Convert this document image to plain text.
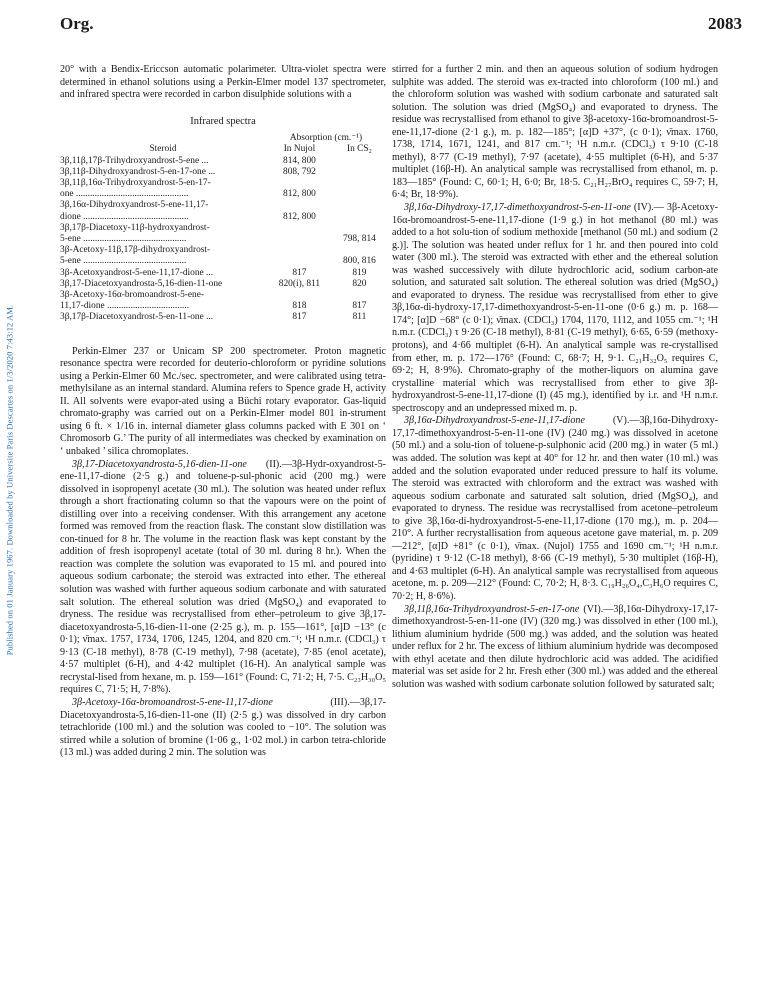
Published on 01 January 1967. Downloaded by Universite Paris Descartes on 1/3/2020 7:43:12 AM.
Org.	2083

20° with a Bendix-Ericcson automatic polarimeter. Ultra-violet spectra were determined in ethanol solutions using a Perkin-Elmer model 137 spectrometer, and infrared spectra were recorded in carbon disulphide solutions with a

Infrared spectra
	Absorption (cm.⁻¹)	
Steroid	In Nujol	In CS₂
3β,11β,17β-Trihydroxyandrost-5-ene ...	814, 800	
3β,11β-Dihydroxyandrost-5-en-17-one ...	808, 792	
3β,11β,16α-Trihydroxyandrost-5-en-17-		
one ................................................	812, 800	
3β,16α-Dihydroxyandrost-5-ene-11,17-		
dione .............................................	812, 800	
3β,17β-Diacetoxy-11β-hydroxyandrost-		
5-ene ............................................		798, 814
3β-Acetoxy-11β,17β-dihydroxyandrost-		
5-ene ............................................		800, 816
3β-Acetoxyandrost-5-ene-11,17-dione ...	817	819
3β,17-Diacetoxyandrosta-5,16-dien-11-one	820(i), 811	820
3β-Acetoxy-16α-bromoandrost-5-ene-		
11,17-dione ...................................	818	817
3β,17β-Diacetoxyandrost-5-en-11-one ...	817	811

Perkin-Elmer 237 or Unicam SP 200 spectrometer. Proton magnetic resonance spectra were recorded for deuterio-chloroform or pyridine solutions using a Perkin-Elmer 60 Mc./sec. spectrometer, and were calibrated using tetra-methylsilane as an internal standard. Alumina refers to Spence grade H, activity II. All solvents were evapor-ated using a Büchi rotary evaporator. Gas-liquid chromato-graphy was carried out on a Perkin-Elmer model 801 in-strument using 6 ft. × 1/16 in. internal diameter glass columns packed with E 301 on ‘ Chromosorb G.’ The purity of all intermediates was checked by examination on ‘ unbaked ’ silica chromoplates.

3β,17-Diacetoxyandrosta-5,16-dien-11-one (II).—3β-Hydr-oxyandrost-5-ene-11,17-dione (2·5 g.) and toluene-p-sul-phonic acid (200 mg.) were dissolved in isopropenyl acetate (30 ml.). The solution was heated under reflux through a short fractionating column so that the vapours were on the point of distilling over into a receiving condenser. With this arrangement any acetone formed was removed from the reaction flask. The constant slow distillation was con-tinued for 8 hr. The volume in the reaction flask was kept constant by the addition of fresh isopropenyl acetate (total of 30 ml. during 8 hr.). When the reaction was complete the solution was evaporated to 15 ml. and poured into aqueous sodium carbonate; the steroid was extracted into ether. The ethereal solution was washed with further aqueous sodium carbonate and with saturated salt solution. The ethereal solution was dried (MgSO₄) and evaporated to dryness. The residue was recrystallised from ether–petroleum to give 3β,17-diacetoxyandrosta-5,16-dien-11-one (2·25 g.), m. p. 155—161°, [α]D −13° (c 0·1); ν̄max. 1757, 1734, 1706, 1245, 1204, and 820 cm.⁻¹; ¹H n.m.r. (CDCl₃) τ 9·13 (C-18 methyl), 8·78 (C-19 methyl), 7·98 (acetate), 7·85 (enol acetate), 4·57 multiplet (6-H), and 4·42 multiplet (16-H). An analytical sample was recrystal-lised from hexane, m. p. 159—161° (Found: C, 71·2; H, 7·5. C₂₃H₃₀O₅ requires C, 71·5; H, 7·8%).

3β-Acetoxy-16α-bromoandrost-5-ene-11,17-dione (III).—3β,17-Diacetoxyandrosta-5,16-dien-11-one (II) (2·5 g.) was dissolved in dry carbon tetrachloride (100 ml.) and the solution was cooled to −10°. The solution was stirred while a solution of bromine (1·06 g., 1·02 mol.) in carbon tetra-chloride (13 ml.) was added during 2 min. The solution was

stirred for a further 2 min. and then an aqueous solution of sodium hydrogen sulphite was added. The steroid was ex-tracted into chloroform (100 ml.) and the chloroform solution was washed with sodium carbonate and saturated salt solution. The solution was dried (MgSO₄) and evaporated to dryness. The residue was recrystallised from ethanol to give 3β-acetoxy-16α-bromoandrost-5-ene-11,17-dione (2·1 g.), m. p. 182—185°; [α]D +37°, (c 0·1); ν̄max. 1760, 1738, 1714, 1671, 1241, and 817 cm.⁻¹; ¹H n.m.r. (CDCl₃) τ 9·10 (C-18 methyl), 8·77 (C-19 methyl), 7·97 (acetate), 4·55 multiplet (6-H), and 5·37 multiplet (16β-H). An analytical sample was recrystallised from ethanol, m. p. 183—185° (Found: C, 60·1; H, 6·0; Br, 18·5. C₂₁H₂₇BrO₄ requires C, 59·7; H, 6·4; Br, 18·9%).

3β,16α-Dihydroxy-17,17-dimethoxyandrost-5-en-11-one (IV).— 3β-Acetoxy-16α-bromoandrost-5-ene-11,17-dione (1·9 g.) in hot methanol (80 ml.) was added to a hot solu-tion of sodium methoxide [methanol (50 ml.) and sodium (2 g.)]. The solution was heated under reflux for 1 hr. and then poured into cold water (300 ml.). The steroid was extracted with ether and the ethereal solution was washed successively with dilute hydrochloric acid, sodium carbon-ate solution, and saturated salt solution. The ethereal solution was dried (MgSO₄) and evaporated to dryness. The residue was recrystallised from ether to give 3β,16α-di-hydroxy-17,17-dimethoxyandrost-5-en-11-one (0·6 g.) m. p. 168—174°; [α]D −68° (c 0·1); ν̄max. (CDCl₃) 1704, 1170, 1112, and 1055 cm.⁻¹; ¹H n.m.r. (CDCl₃) τ 9·26 (C-18 methyl), 8·81 (C-19 methyl), 6·65, 6·59 (methoxy-protons), and 4·66 multiplet (6-H). An analytical sample was re-crystallised from ether, m. p. 172—176° (Found: C, 68·7; H, 9·1. C₂₁H₃₂O₅ requires C, 69·2; H, 8·9%). Chromato-graphy of the mother-liquors on alumina gave crystalline material which was recrystallised from ether to give 3β-hydroxyandrost-5-ene-11,17-dione (I) (45 mg.), identified by i.r. and ¹H n.m.r. spectroscopy and an undepressed mixed m. p.

3β,16α-Dihydroxyandrost-5-ene-11,17-dione (V).—3β,16α-Dihydroxy-17,17-dimethoxyandrost-5-en-11-one (IV) (240 mg.) was dissolved in acetone (50 ml.) and a solu-tion of toluene-p-sulphonic acid (200 mg.) in water (5 ml.) was added. The solution was kept at 40° for 12 hr. and then water (10 ml.) was added and the solution evaporated under reduced pressure to half its volume. The steroid was extracted with chloroform and the extract was washed with aqueous sodium carbonate and saturated salt solution, dried (MgSO₄), and evaporated to dryness. The residue was recrystallised from acetone–petroleum to give 3β,16α-di-hydroxyandrost-5-ene-11,17-dione (170 mg.), m. p. 204—210°. A further recrystallisation from aqueous acetone gave material, m. p. 209—212°, [α]D +81° (c 0·1), ν̄max. (Nujol) 1755 and 1690 cm.⁻¹; ¹H n.m.r. (pyridine) τ 9·12 (C-18 methyl), 8·66 (C-19 methyl), 5·30 multiplet (16β-H), and 4·63 multiplet (6-H). An analytical sample was recrystallised from aqueous acetone, m. p. 209—212° (Found: C, 70·2; H, 8·3. C₁₉H₂₆O₄,C₃H₆O requires C, 70·2; H, 8·6%).

3β,11β,16α-Trihydroxyandrost-5-en-17-one (VI).—3β,16α-Dihydroxy-17,17-dimethoxyandrost-5-en-11-one (IV) (320 mg.) was dissolved in ether (100 ml.), lithium aluminium hydride (500 mg.) was added, and the solution was heated under reflux for 2 hr. The excess of lithium aluminium hydride was decomposed with ethyl acetate and then dilute hydrochloric acid was added. The acidified material was set aside for 2 hr. Fresh ether (300 ml.) was added and the ethereal solution was washed with sodium carbonate solution followed by saturated salt;
